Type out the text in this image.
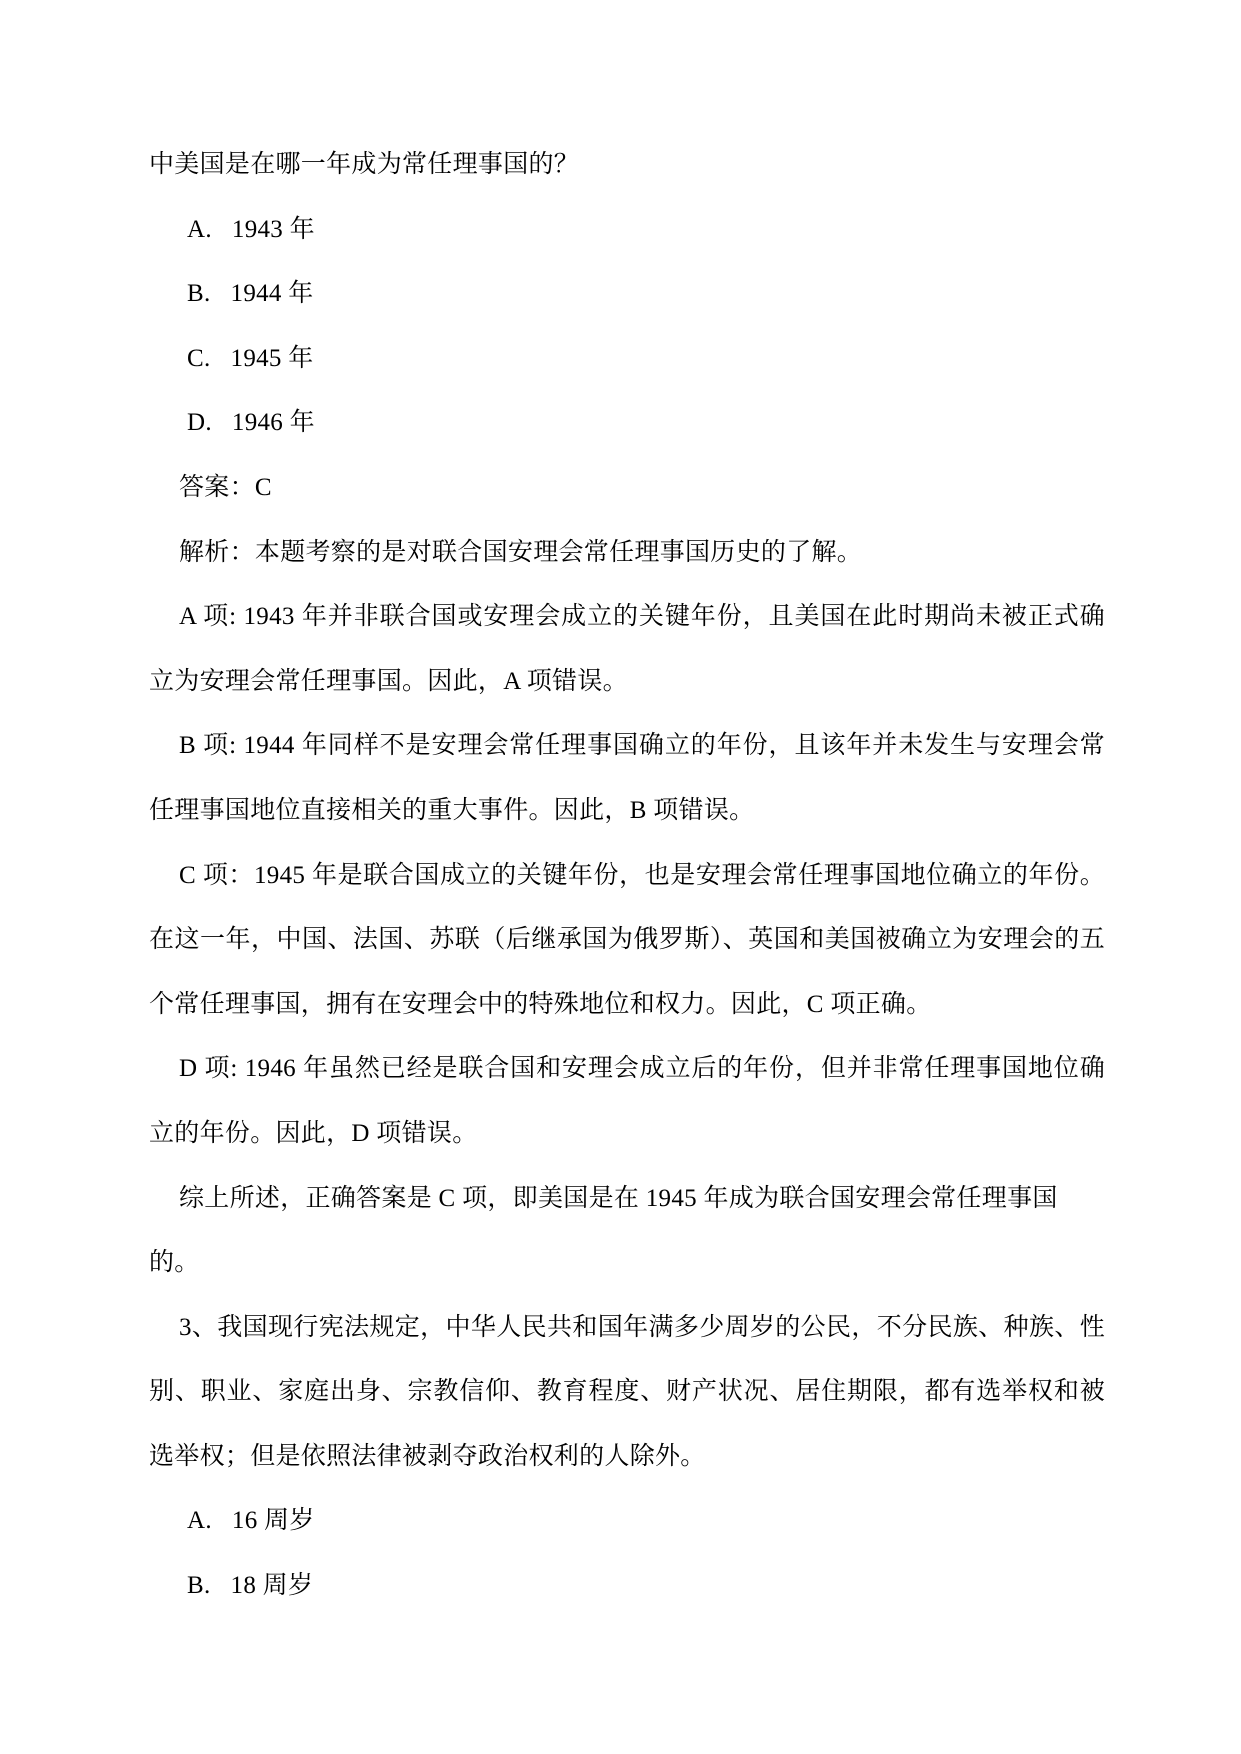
中美国是在哪一年成为常任理事国的？

A. 1943 年

B. 1944 年

C. 1945 年

D. 1946 年

答案：C

解析：本题考察的是对联合国安理会常任理事国历史的了解。

A 项: 1943 年并非联合国或安理会成立的关键年份，且美国在此时期尚未被正式确立为安理会常任理事国。因此，A 项错误。

B 项: 1944 年同样不是安理会常任理事国确立的年份，且该年并未发生与安理会常任理事国地位直接相关的重大事件。因此，B 项错误。

C 项：1945 年是联合国成立的关键年份，也是安理会常任理事国地位确立的年份。在这一年，中国、法国、苏联（后继承国为俄罗斯）、英国和美国被确立为安理会的五个常任理事国，拥有在安理会中的特殊地位和权力。因此，C 项正确。

D 项: 1946 年虽然已经是联合国和安理会成立后的年份，但并非常任理事国地位确立的年份。因此，D 项错误。

综上所述，正确答案是 C 项，即美国是在 1945 年成为联合国安理会常任理事国的。

3、我国现行宪法规定，中华人民共和国年满多少周岁的公民，不分民族、种族、性别、职业、家庭出身、宗教信仰、教育程度、财产状况、居住期限，都有选举权和被选举权；但是依照法律被剥夺政治权利的人除外。

A. 16 周岁

B. 18 周岁
